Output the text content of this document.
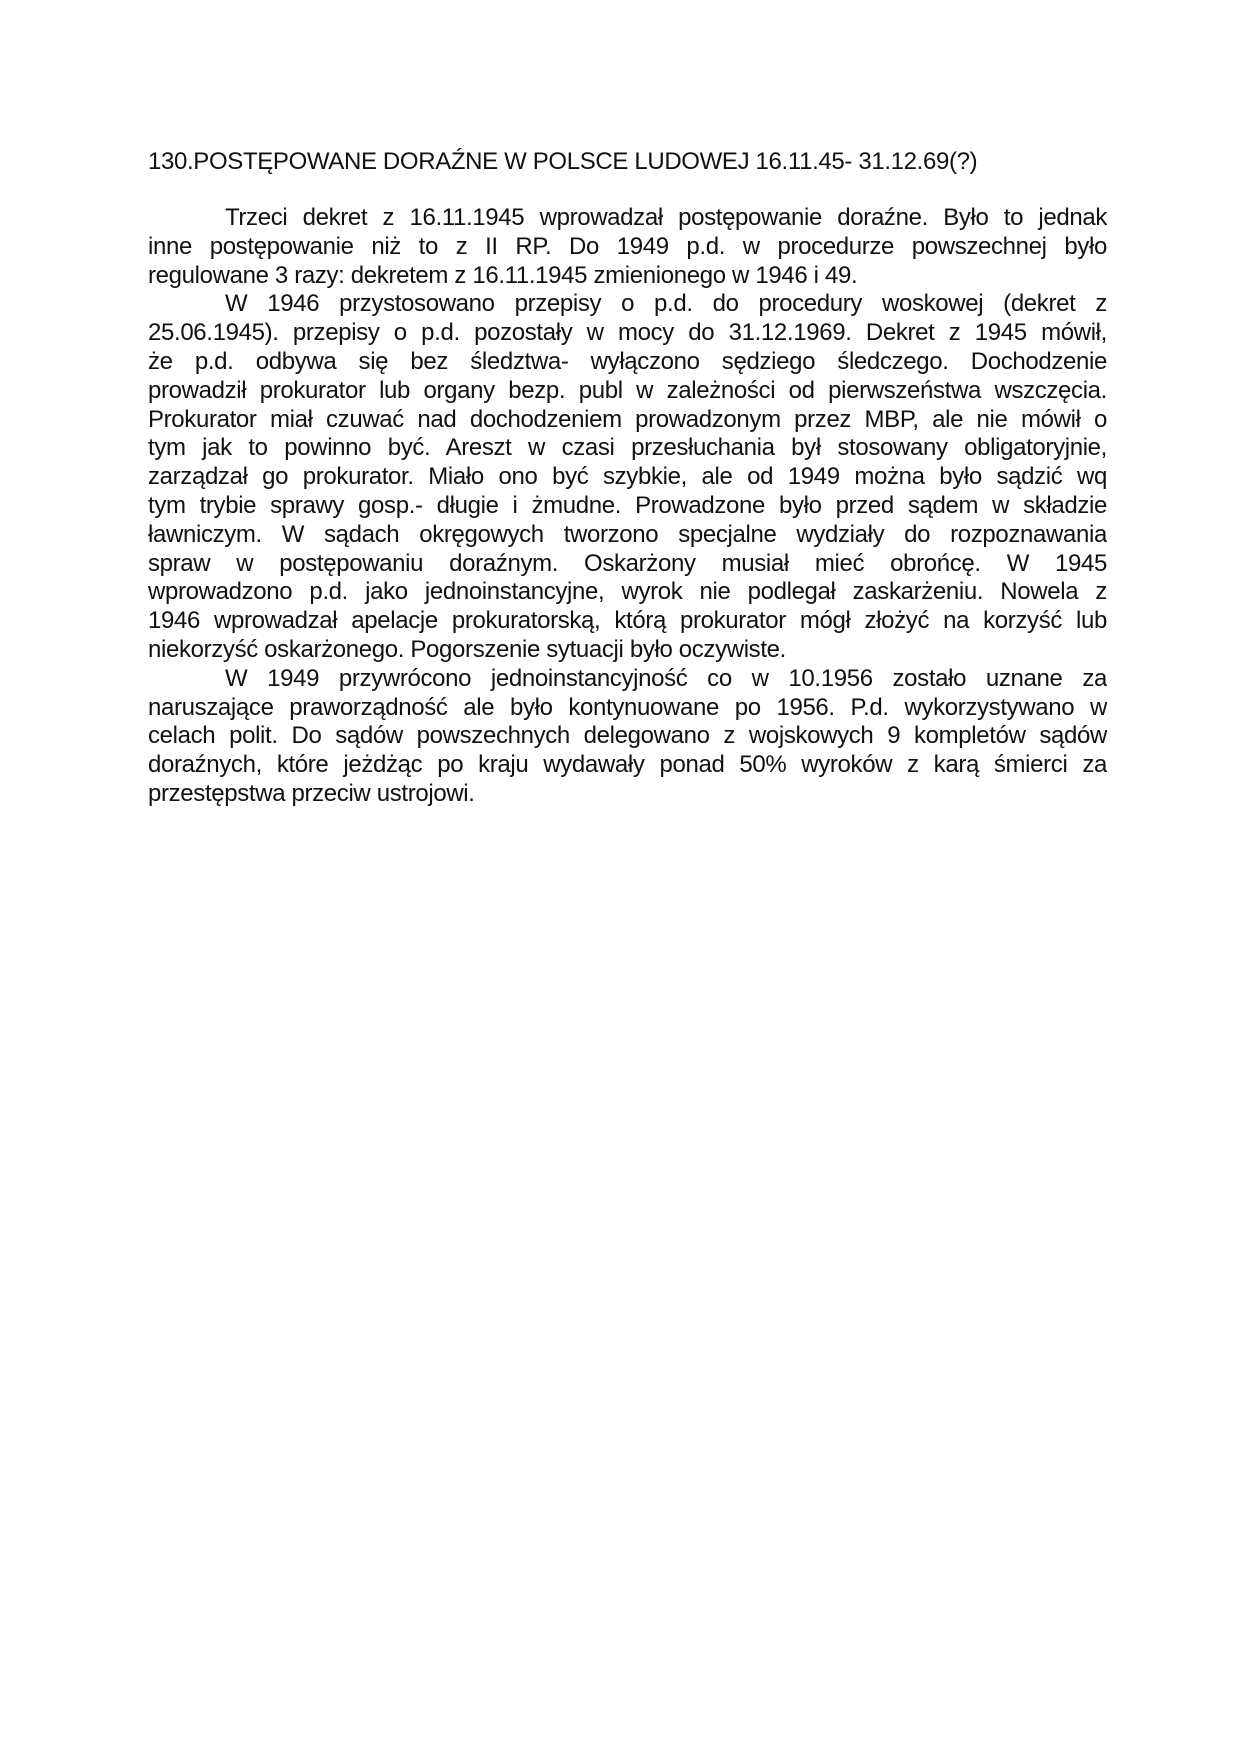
130.POSTĘPOWANE DORAŹNE W POLSCE LUDOWEJ 16.11.45- 31.12.69(?)
Trzeci dekret z 16.11.1945 wprowadzał postępowanie doraźne. Było to jednak
inne postępowanie niż to z II RP. Do 1949 p.d. w procedurze powszechnej było
regulowane 3 razy: dekretem z 16.11.1945 zmienionego w 1946 i 49.
W 1946 przystosowano przepisy o p.d. do procedury woskowej (dekret z
25.06.1945). przepisy o p.d. pozostały w mocy do 31.12.1969. Dekret z 1945 mówił,
że p.d. odbywa się bez śledztwa- wyłączono sędziego śledczego. Dochodzenie
prowadził prokurator lub organy bezp. publ w zależności od pierwszeństwa wszczęcia.
Prokurator miał czuwać nad dochodzeniem prowadzonym przez MBP, ale nie mówił o
tym jak to powinno być. Areszt w czasi przesłuchania był stosowany obligatoryjnie,
zarządzał go prokurator. Miało ono być szybkie, ale od 1949 można było sądzić wq
tym trybie sprawy gosp.- długie i żmudne. Prowadzone było przed sądem w składzie
ławniczym. W sądach okręgowych tworzono specjalne wydziały do rozpoznawania
spraw w postępowaniu doraźnym. Oskarżony musiał mieć obrońcę. W 1945
wprowadzono p.d. jako jednoinstancyjne, wyrok nie podlegał zaskarżeniu. Nowela z
1946 wprowadzał apelacje prokuratorską, którą prokurator mógł złożyć na korzyść lub
niekorzyść oskarżonego. Pogorszenie sytuacji było oczywiste.
W 1949 przywrócono jednoinstancyjność co w 10.1956 zostało uznane za
naruszające praworządność ale było kontynuowane po 1956. P.d. wykorzystywano w
celach polit. Do sądów powszechnych delegowano z wojskowych 9 kompletów sądów
doraźnych, które jeżdżąc po kraju wydawały ponad 50% wyroków z karą śmierci za
przestępstwa przeciw ustrojowi.
